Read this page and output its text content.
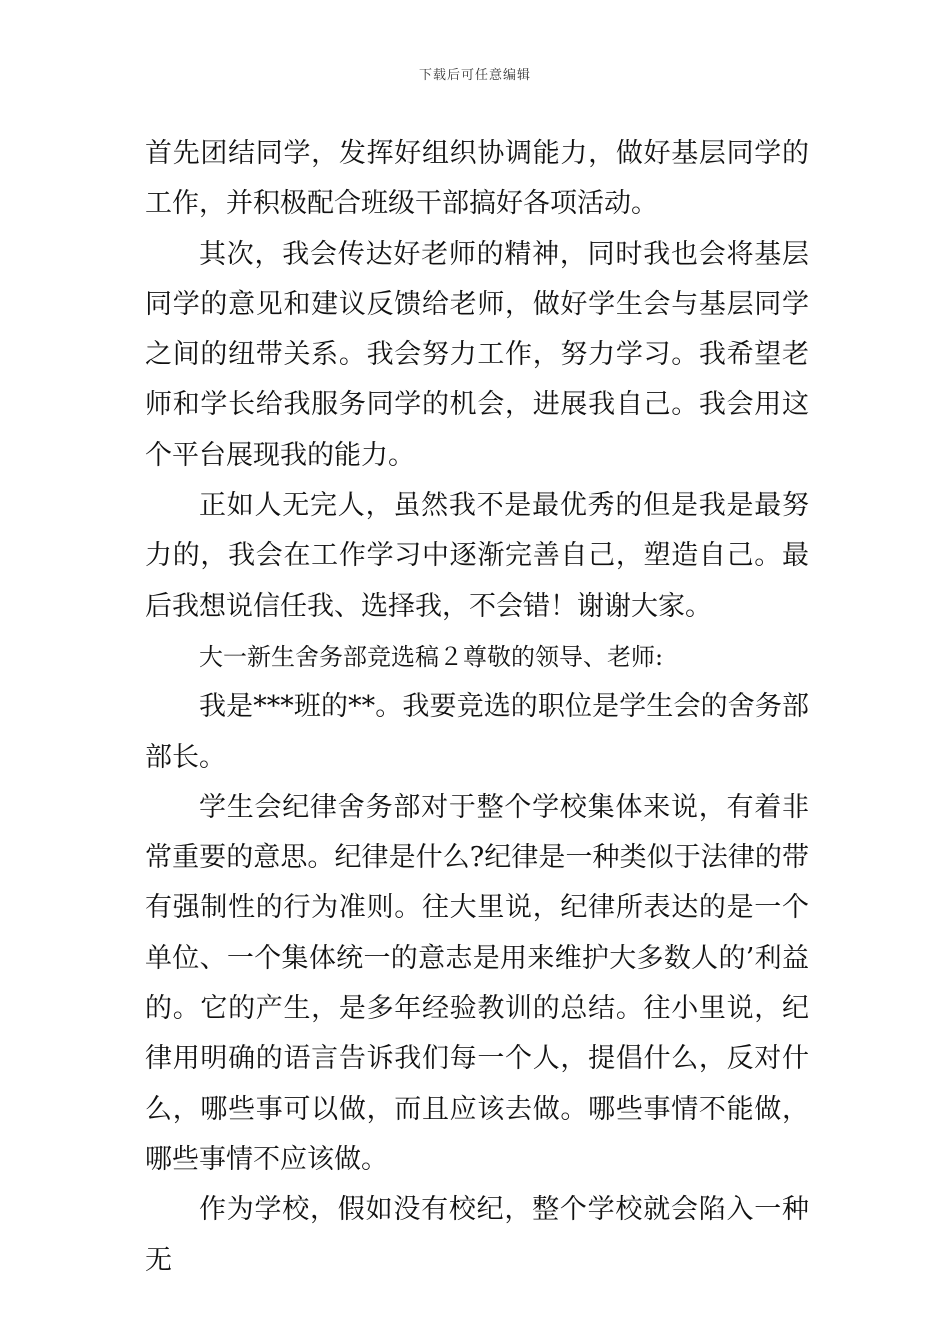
下载后可任意编辑

首先团结同学，发挥好组织协调能力，做好基层同学的工作，并积极配合班级干部搞好各项活动。

其次，我会传达好老师的精神，同时我也会将基层同学的意见和建议反馈给老师，做好学生会与基层同学之间的纽带关系。我会努力工作，努力学习。我希望老师和学长给我服务同学的机会，进展我自己。我会用这个平台展现我的能力。

正如人无完人，虽然我不是最优秀的但是我是最努力的，我会在工作学习中逐渐完善自己，塑造自己。最后我想说信任我、选择我，不会错！谢谢大家。

大一新生舍务部竞选稿２尊敬的领导、老师:

我是***班的**。我要竞选的职位是学生会的舍务部部长。

学生会纪律舍务部对于整个学校集体来说，有着非常重要的意思。纪律是什么?纪律是一种类似于法律的带有强制性的行为准则。往大里说，纪律所表达的是一个单位、一个集体统一的意志是用来维护大多数人的’利益的。它的产生，是多年经验教训的总结。往小里说，纪律用明确的语言告诉我们每一个人，提倡什么，反对什么，哪些事可以做，而且应该去做。哪些事情不能做，哪些事情不应该做。

作为学校，假如没有校纪，整个学校就会陷入一种无
